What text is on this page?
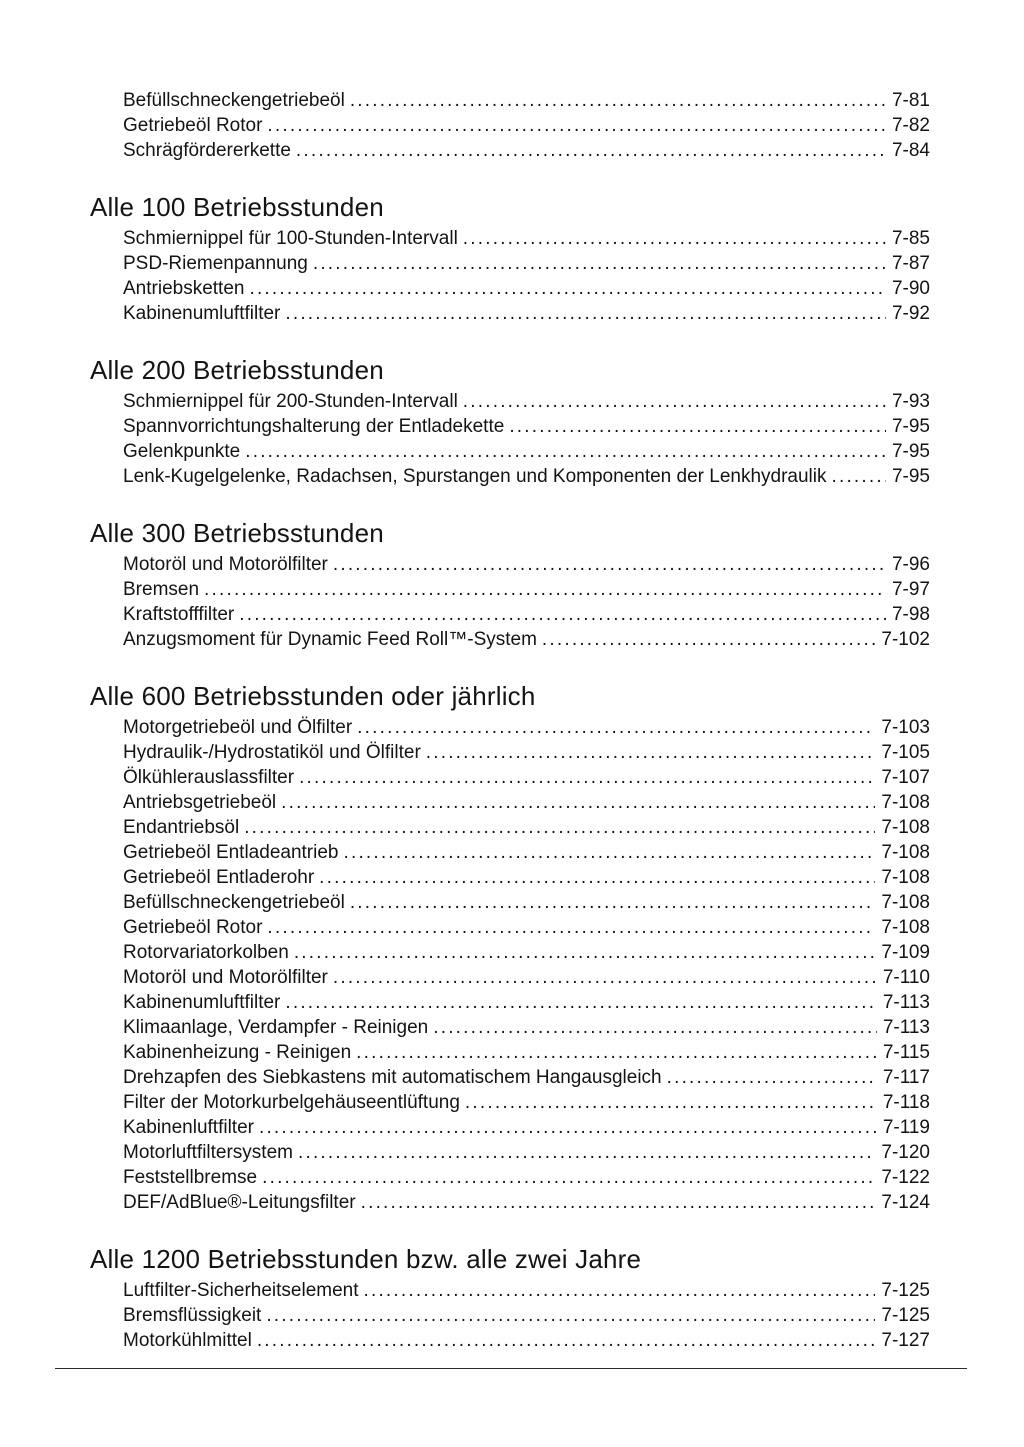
Befüllschneckengetriebeöl .....	7-81
Getriebeöl Rotor .....	7-82
Schrägfördererkette .....	7-84
Alle 100 Betriebsstunden
Schmiernippel für 100-Stunden-Intervall .....	7-85
PSD-Riemenpannung .....	7-87
Antriebsketten .....	7-90
Kabinenumluftfilter .....	7-92
Alle 200 Betriebsstunden
Schmiernippel für 200-Stunden-Intervall .....	7-93
Spannvorrichtungshalterung der Entladekette .....	7-95
Gelenkpunkte .....	7-95
Lenk-Kugelgelenke, Radachsen, Spurstangen und Komponenten der Lenkhydraulik .....	7-95
Alle 300 Betriebsstunden
Motoröl und Motorölfilter .....	7-96
Bremsen .....	7-97
Kraftstofffilter .....	7-98
Anzugsmoment für Dynamic Feed Roll™-System .....	7-102
Alle 600 Betriebsstunden oder jährlich
Motorgetriebeöl und Ölfilter .....	7-103
Hydraulik-/Hydrostatiköl und Ölfilter .....	7-105
Ölkühlerauslassfilter .....	7-107
Antriebsgetriebeöl .....	7-108
Endantriebsöl .....	7-108
Getriebeöl Entladeantrieb .....	7-108
Getriebeöl Entladerohr .....	7-108
Befüllschneckengetriebeöl .....	7-108
Getriebeöl Rotor .....	7-108
Rotorvariatorkolben .....	7-109
Motoröl und Motorölfilter .....	7-110
Kabinenumluftfilter .....	7-113
Klimaanlage, Verdampfer - Reinigen .....	7-113
Kabinenheizung - Reinigen .....	7-115
Drehzapfen des Siebkastens mit automatischem Hangausgleich .....	7-117
Filter der Motorkurbelgehäuseentlüftung .....	7-118
Kabinenluftfilter .....	7-119
Motorluftfiltersystem .....	7-120
Feststellbremse .....	7-122
DEF/AdBlue®-Leitungsfilter .....	7-124
Alle 1200 Betriebsstunden bzw. alle zwei Jahre
Luftfilter-Sicherheitselement .....	7-125
Bremsflüssigkeit .....	7-125
Motorkühlmittel .....	7-127
